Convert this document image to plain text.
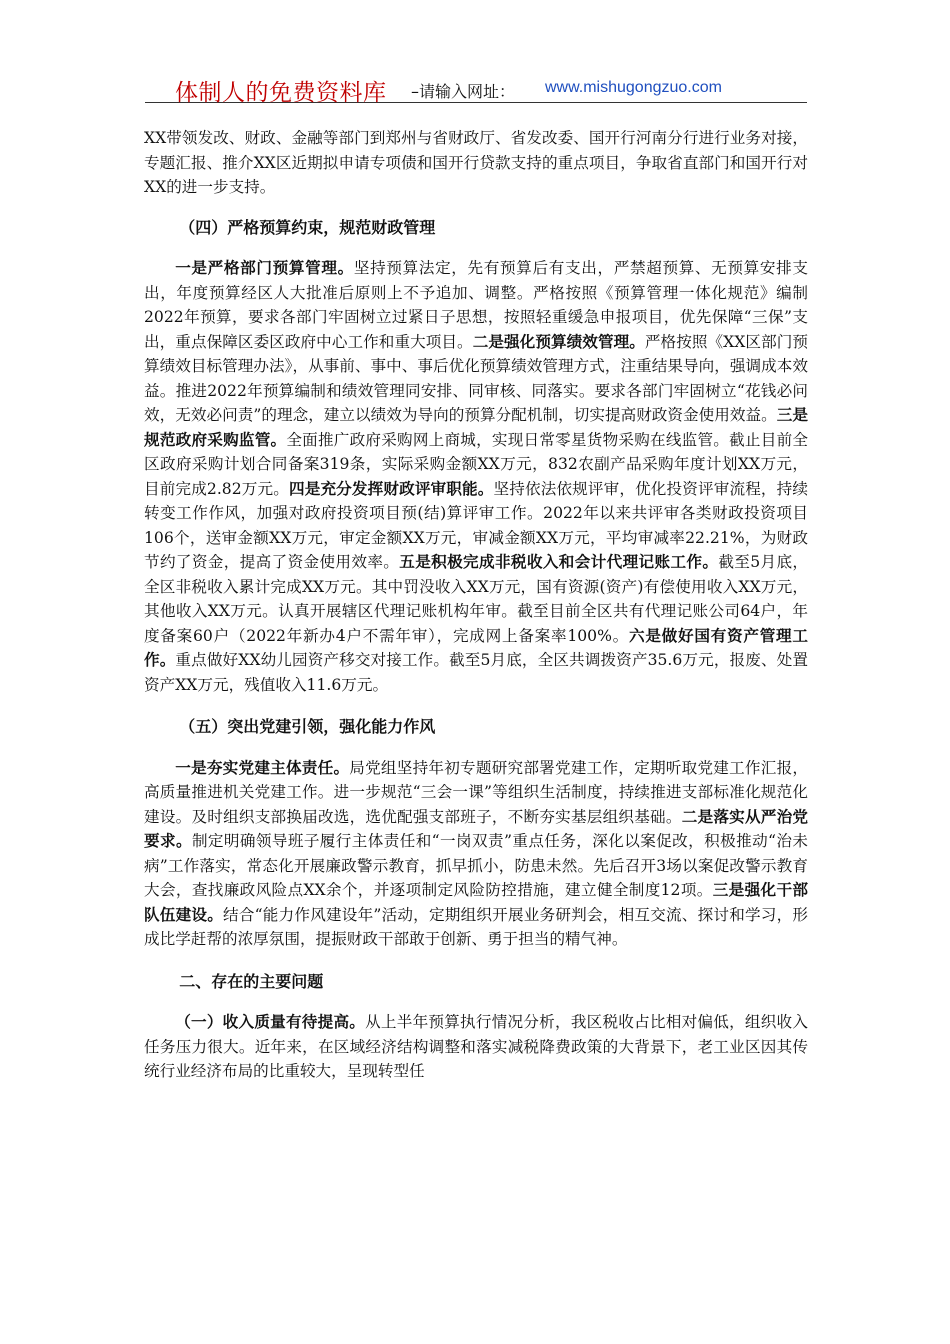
体制人的免费资料库 –请输入网址： www.mishugongzuo.com

XX带领发改、财政、金融等部门到郑州与省财政厅、省发改委、国开行河南分行进行业务对接，专题汇报、推介XX区近期拟申请专项债和国开行贷款支持的重点项目，争取省直部门和国开行对XX的进一步支持。

（四）严格预算约束，规范财政管理

一是严格部门预算管理。坚持预算法定，先有预算后有支出，严禁超预算、无预算安排支出，年度预算经区人大批准后原则上不予追加、调整。严格按照《预算管理一体化规范》编制2022年预算，要求各部门牢固树立过紧日子思想，按照轻重缓急申报项目，优先保障“三保”支出，重点保障区委区政府中心工作和重大项目。二是强化预算绩效管理。严格按照《XX区部门预算绩效目标管理办法》，从事前、事中、事后优化预算绩效管理方式，注重结果导向，强调成本效益。推进2022年预算编制和绩效管理同安排、同审核、同落实。要求各部门牢固树立“花钱必问效，无效必问责”的理念，建立以绩效为导向的预算分配机制，切实提高财政资金使用效益。三是规范政府采购监管。全面推广政府采购网上商城，实现日常零星货物采购在线监管。截止目前全区政府采购计划合同备案319条，实际采购金额XX万元，832农副产品采购年度计划XX万元，目前完成2.82万元。四是充分发挥财政评审职能。坚持依法依规评审，优化投资评审流程，持续转变工作作风，加强对政府投资项目预(结)算评审工作。2022年以来共评审各类财政投资项目106个，送审金额XX万元，审定金额XX万元，审减金额XX万元，平均审减率22.21%，为财政节约了资金，提高了资金使用效率。五是积极完成非税收入和会计代理记账工作。截至5月底，全区非税收入累计完成XX万元。其中罚没收入XX万元，国有资源(资产)有偿使用收入XX万元，其他收入XX万元。认真开展辖区代理记账机构年审。截至目前全区共有代理记账公司64户，年度备案60户（2022年新办4户不需年审），完成网上备案率100%。六是做好国有资产管理工作。重点做好XX幼儿园资产移交对接工作。截至5月底，全区共调拨资产35.6万元，报废、处置资产XX万元，残值收入11.6万元。

（五）突出党建引领，强化能力作风

一是夯实党建主体责任。局党组坚持年初专题研究部署党建工作，定期听取党建工作汇报，高质量推进机关党建工作。进一步规范“三会一课”等组织生活制度，持续推进支部标准化规范化建设。及时组织支部换届改选，选优配强支部班子，不断夯实基层组织基础。二是落实从严治党要求。制定明确领导班子履行主体责任和“一岗双责”重点任务，深化以案促改，积极推动“治未病”工作落实，常态化开展廉政警示教育，抓早抓小，防患未然。先后召开3场以案促改警示教育大会，查找廉政风险点XX余个，并逐项制定风险防控措施，建立健全制度12项。三是强化干部队伍建设。结合“能力作风建设年”活动，定期组织开展业务研判会，相互交流、探讨和学习，形成比学赶帮的浓厚氛围，提振财政干部敢于创新、勇于担当的精气神。

二、存在的主要问题

（一）收入质量有待提高。从上半年预算执行情况分析，我区税收占比相对偏低，组织收入任务压力很大。近年来，在区域经济结构调整和落实减税降费政策的大背景下，老工业区因其传统行业经济布局的比重较大，呈现转型任
